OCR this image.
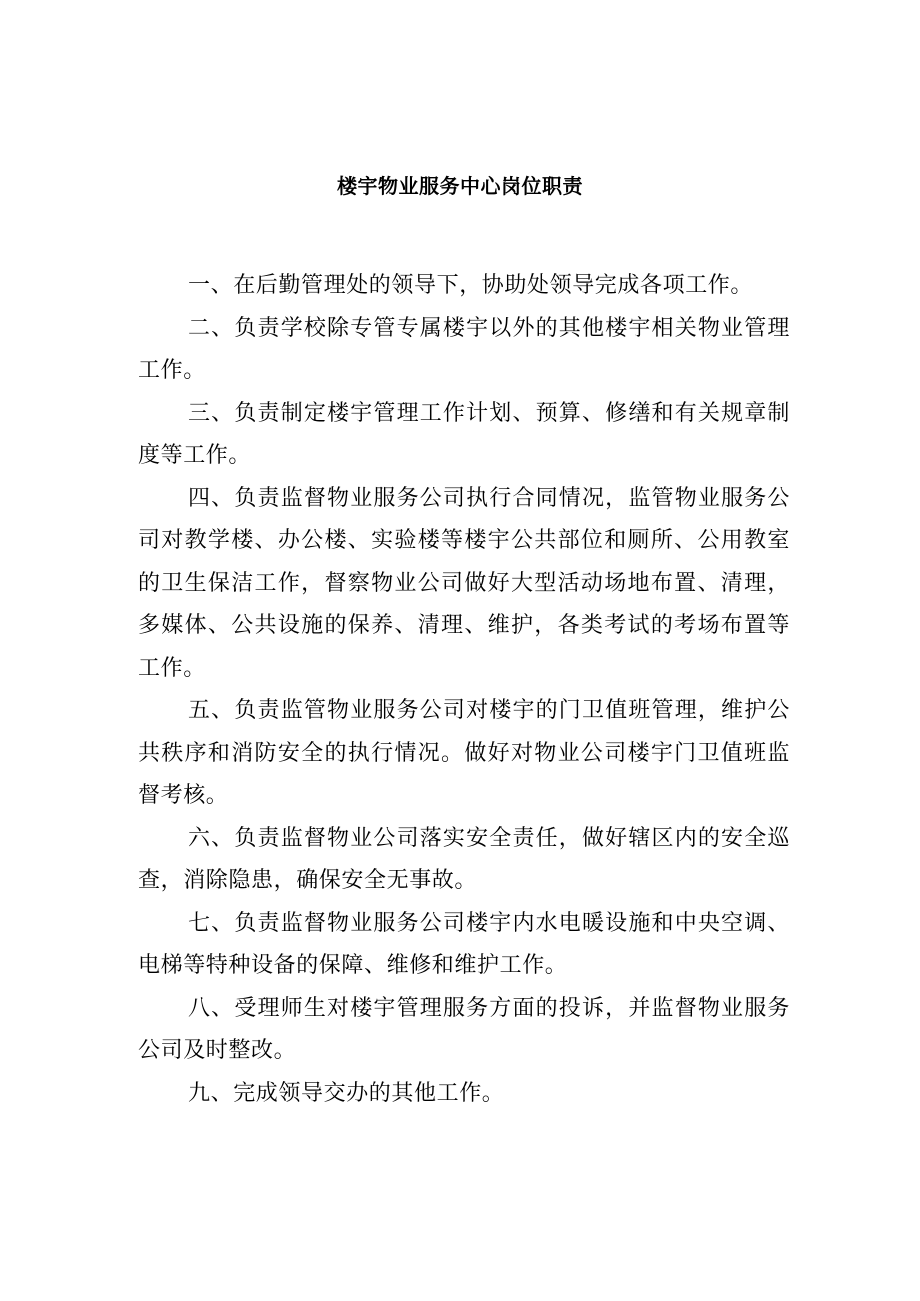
楼宇物业服务中心岗位职责

一、在后勤管理处的领导下，协助处领导完成各项工作。

二、负责学校除专管专属楼宇以外的其他楼宇相关物业管理工作。

三、负责制定楼宇管理工作计划、预算、修缮和有关规章制度等工作。

四、负责监督物业服务公司执行合同情况，监管物业服务公司对教学楼、办公楼、实验楼等楼宇公共部位和厕所、公用教室的卫生保洁工作，督察物业公司做好大型活动场地布置、清理，多媒体、公共设施的保养、清理、维护，各类考试的考场布置等工作。

五、负责监管物业服务公司对楼宇的门卫值班管理，维护公共秩序和消防安全的执行情况。做好对物业公司楼宇门卫值班监督考核。

六、负责监督物业公司落实安全责任，做好辖区内的安全巡查，消除隐患，确保安全无事故。

七、负责监督物业服务公司楼宇内水电暖设施和中央空调、电梯等特种设备的保障、维修和维护工作。

八、受理师生对楼宇管理服务方面的投诉，并监督物业服务公司及时整改。

九、完成领导交办的其他工作。
